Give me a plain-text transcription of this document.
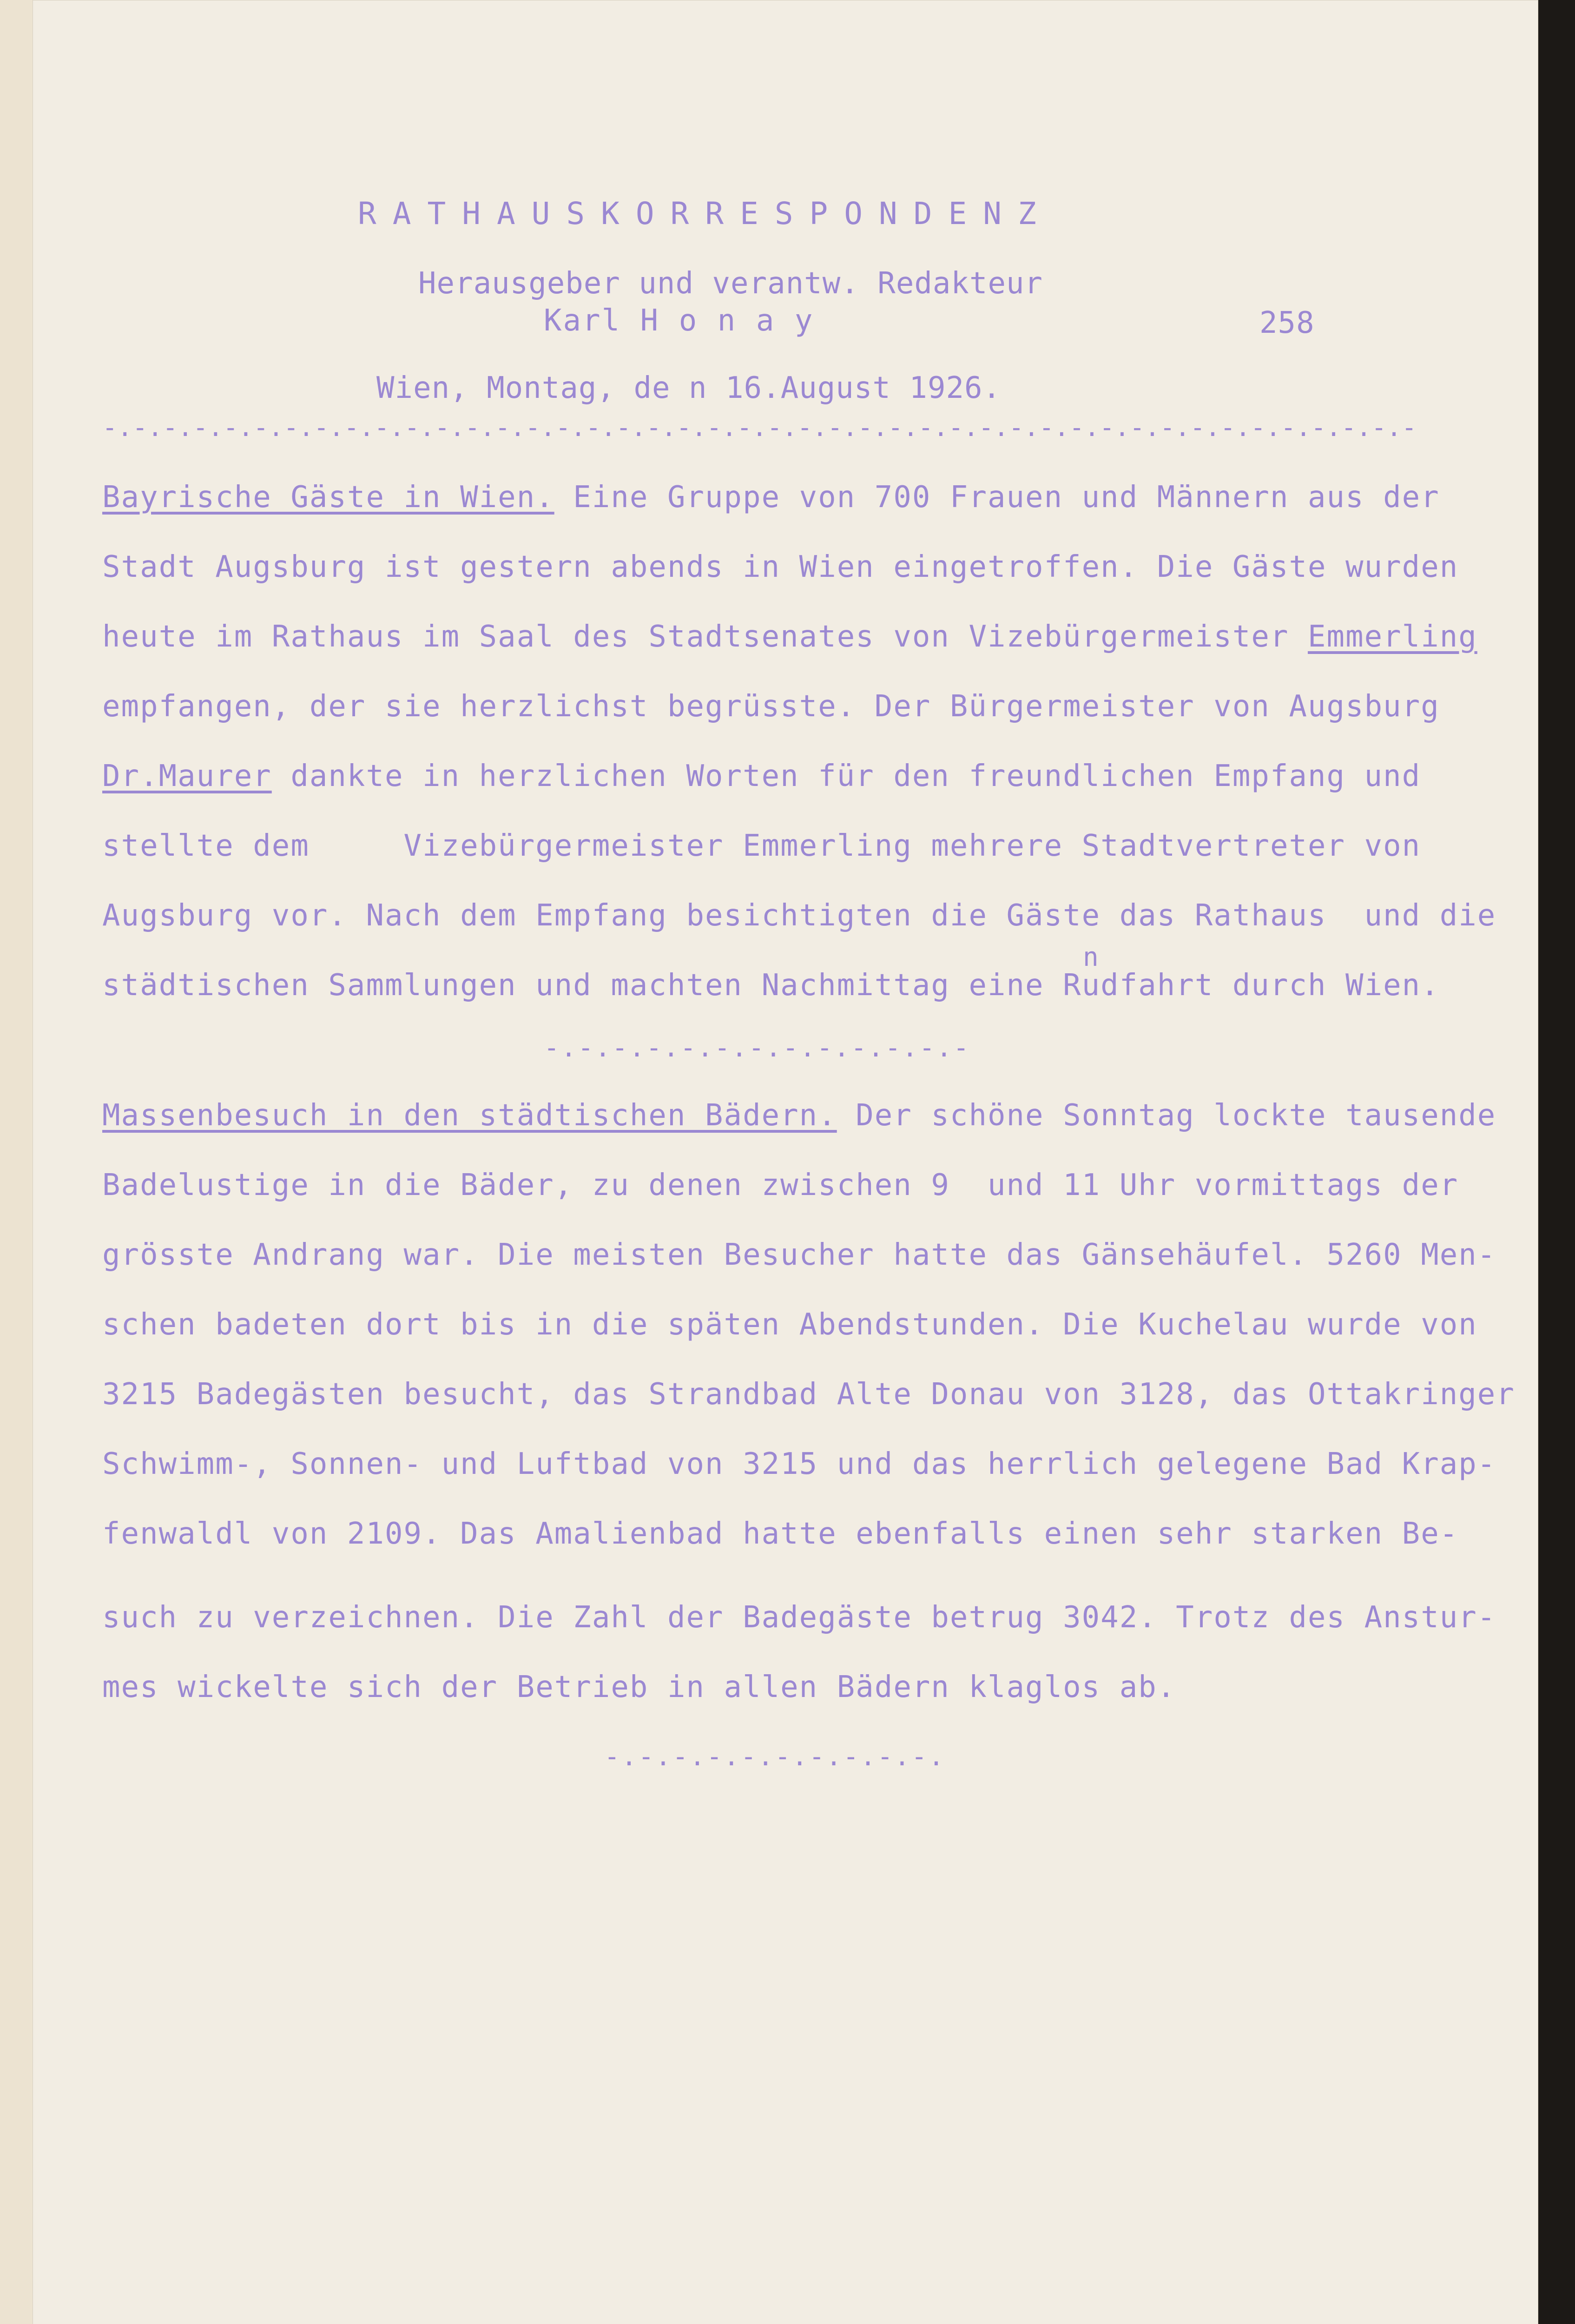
RATHAUSKORRESPONDENZ
Herausgeber und verantw. Redakteur
Karl H o n a y	258
Wien, Montag, de n 16.August 1926.
-.-.-.-.-.-.-.-.-.-.-.-.-.-.-.-.-.-.-.-.-.-.-.-.-.-.-.-.-.-.-.-.-.-.-.-.-.-.-.-.-.-.-.-
Bayrische Gäste in Wien. Eine Gruppe von 700 Frauen und Männern aus der
Stadt Augsburg ist gestern abends in Wien eingetroffen. Die Gäste wurden
heute im Rathaus im Saal des Stadtsenates von Vizebürgermeister Emmerling
empfangen, der sie herzlichst begrüsste. Der Bürgermeister von Augsburg
Dr.Maurer dankte in herzlichen Worten für den freundlichen Empfang und
stellte dem     Vizebürgermeister Emmerling mehrere Stadtvertreter von
Augsburg vor. Nach dem Empfang besichtigten die Gäste das Rathaus  und die
n
städtischen Sammlungen und machten Nachmittag eine Rudfahrt durch Wien.
-.-.-.-.-.-.-.-.-.-.-.-.-
Massenbesuch in den städtischen Bädern. Der schöne Sonntag lockte tausende
Badelustige in die Bäder, zu denen zwischen 9  und 11 Uhr vormittags der
grösste Andrang war. Die meisten Besucher hatte das Gänsehäufel. 5260 Men-
schen badeten dort bis in die späten Abendstunden. Die Kuchelau wurde von
3215 Badegästen besucht, das Strandbad Alte Donau von 3128, das Ottakringer
Schwimm-, Sonnen- und Luftbad von 3215 und das herrlich gelegene Bad Krap-
fenwaldl von 2109. Das Amalienbad hatte ebenfalls einen sehr starken Be-
such zu verzeichnen. Die Zahl der Badegäste betrug 3042. Trotz des Anstur-
mes wickelte sich der Betrieb in allen Bädern klaglos ab.
-.-.-.-.-.-.-.-.-.-.
